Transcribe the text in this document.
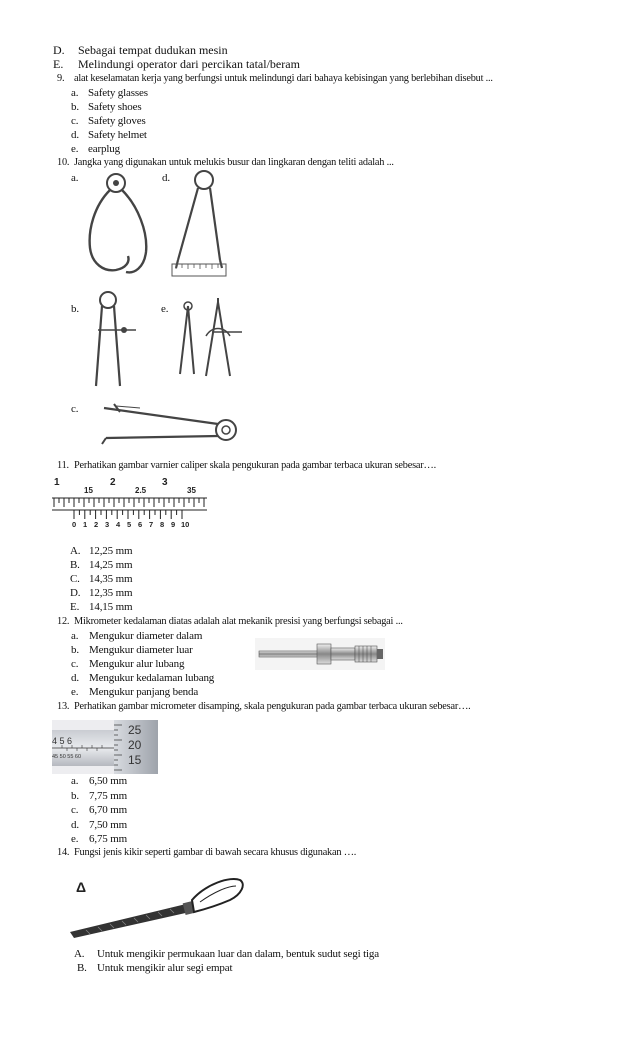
D. Sebagai tempat dudukan mesin
E. Melindungi operator dari percikan tatal/beram
9. alat keselamatan kerja yang berfungsi untuk melindungi dari bahaya kebisingan yang berlebihan disebut ...
a. Safety glasses
b. Safety shoes
c. Safety gloves
d. Safety helmet
e. earplug
10. Jangka yang digunakan untuk melukis busur dan lingkaran dengan teliti adalah ...
a.
b.
c.
d.
e.
11. Perhatikan gambar varnier caliper skala pengukuran pada gambar terbaca ukuran sebesar….
1
15
2
2.5
3
35
0 1 2 3 4 5 6 7 8 9 10
A. 12,25 mm
B. 14,25 mm
C. 14,35 mm
D. 12,35 mm
E. 14,15 mm
12. Mikrometer kedalaman diatas adalah alat mekanik presisi yang berfungsi sebagai ...
a. Mengukur diameter dalam
b. Mengukur diameter luar
c. Mengukur alur lubang
d. Mengukur kedalaman lubang
e. Mengukur panjang benda
13. Perhatikan gambar micrometer disamping, skala pengukuran pada gambar terbaca ukuran sebesar….
4 5 6
45 50 55 60
25
20
15
a. 6,50 mm
b. 7,75 mm
c. 6,70 mm
d. 7,50 mm
e. 6,75 mm
14. Fungsi jenis kikir seperti gambar di bawah secara khusus digunakan ….
Δ
A. Untuk mengikir permukaan luar dan dalam, bentuk sudut segi tiga
B. Untuk mengikir alur segi empat
